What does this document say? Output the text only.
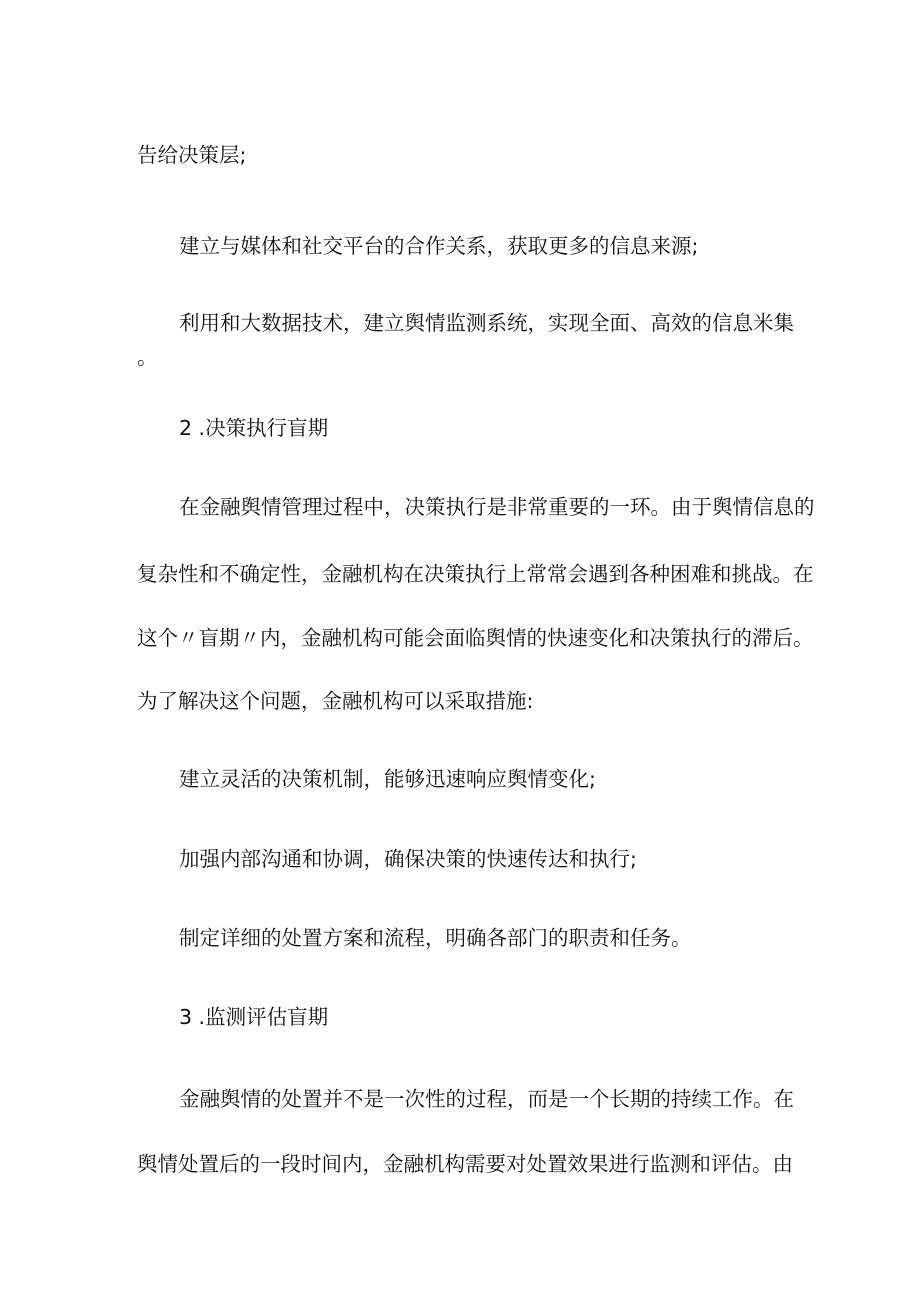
告给决策层;
建立与媒体和社交平台的合作关系，获取更多的信息来源;
利用和大数据技术，建立舆情监测系统，实现全面、高效的信息米集
。
2 .决策执行盲期
在金融舆情管理过程中，决策执行是非常重要的一环。由于舆情信息的
复杂性和不确定性，金融机构在决策执行上常常会遇到各种困难和挑战。在
这个〃盲期〃内，金融机构可能会面临舆情的快速变化和决策执行的滞后。
为了解决这个问题，金融机构可以采取措施:
建立灵活的决策机制，能够迅速响应舆情变化;
加强内部沟通和协调，确保决策的快速传达和执行;
制定详细的处置方案和流程，明确各部门的职责和任务。
3 .监测评估盲期
金融舆情的处置并不是一次性的过程，而是一个长期的持续工作。在
舆情处置后的一段时间内，金融机构需要对处置效果进行监测和评估。由
